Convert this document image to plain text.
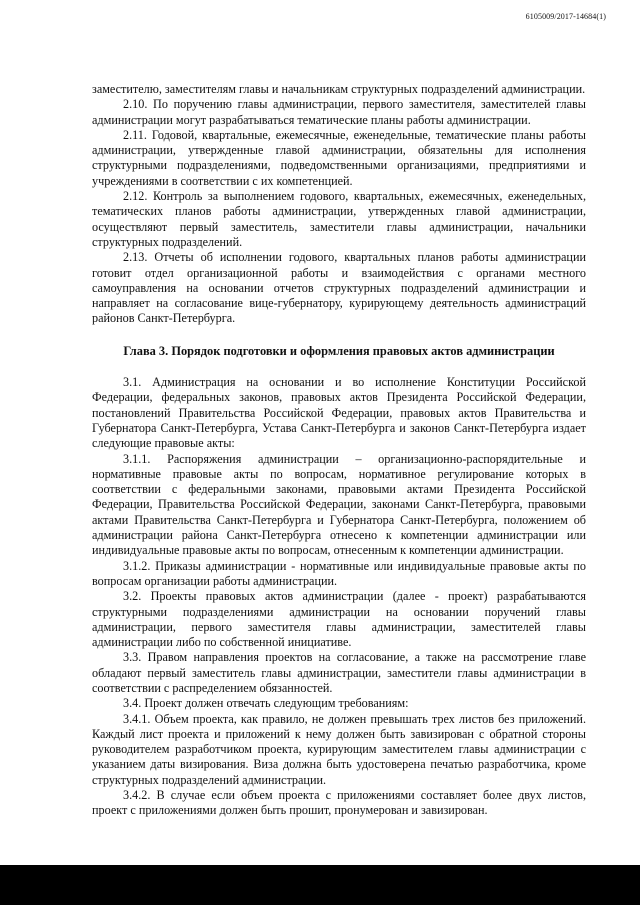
6105009/2017-14684(1)

заместителю, заместителям главы и начальникам структурных подразделений администрации.

2.10. По поручению главы администрации, первого заместителя, заместителей главы администрации могут разрабатываться тематические планы работы администрации.

2.11. Годовой, квартальные, ежемесячные, еженедельные, тематические планы работы администрации, утвержденные главой администрации, обязательны для исполнения структурными подразделениями, подведомственными организациями, предприятиями и учреждениями в соответствии с их компетенцией.

2.12. Контроль за выполнением годового, квартальных, ежемесячных, еженедельных, тематических планов работы администрации, утвержденных главой администрации, осуществляют первый заместитель, заместители главы администрации, начальники структурных подразделений.

2.13. Отчеты об исполнении годового, квартальных планов работы администрации готовит отдел организационной работы и взаимодействия с органами местного самоуправления на основании отчетов структурных подразделений администрации и направляет на согласование вице-губернатору, курирующему деятельность администраций районов Санкт-Петербурга.

Глава 3. Порядок подготовки и оформления правовых актов администрации

3.1. Администрация на основании и во исполнение Конституции Российской Федерации, федеральных законов, правовых актов Президента Российской Федерации, постановлений Правительства Российской Федерации, правовых актов Правительства и Губернатора Санкт-Петербурга, Устава Санкт-Петербурга и законов Санкт-Петербурга издает следующие правовые акты:

3.1.1. Распоряжения администрации – организационно-распорядительные и нормативные правовые акты по вопросам, нормативное регулирование которых в соответствии с федеральными законами, правовыми актами Президента Российской Федерации, Правительства Российской Федерации, законами Санкт-Петербурга, правовыми актами Правительства Санкт-Петербурга и Губернатора Санкт-Петербурга, положением об администрации района Санкт-Петербурга отнесено к компетенции администрации или индивидуальные правовые акты по вопросам, отнесенным к компетенции администрации.

3.1.2. Приказы администрации - нормативные или индивидуальные правовые акты по вопросам организации работы администрации.

3.2. Проекты правовых актов администрации (далее - проект) разрабатываются структурными подразделениями администрации на основании поручений главы администрации, первого заместителя главы администрации, заместителей главы администрации либо по собственной инициативе.

3.3. Правом направления проектов на согласование, а также на рассмотрение главе обладают первый заместитель главы администрации, заместители главы администрации в соответствии с распределением обязанностей.

3.4. Проект должен отвечать следующим требованиям:

3.4.1. Объем проекта, как правило, не должен превышать трех листов без приложений. Каждый лист проекта и приложений к нему должен быть завизирован с обратной стороны руководителем разработчиком проекта, курирующим заместителем главы администрации с указанием даты визирования. Виза должна быть удостоверена печатью разработчика, кроме структурных подразделений администрации.

3.4.2. В случае если объем проекта с приложениями составляет более двух листов, проект с приложениями должен быть прошит, пронумерован и завизирован.
